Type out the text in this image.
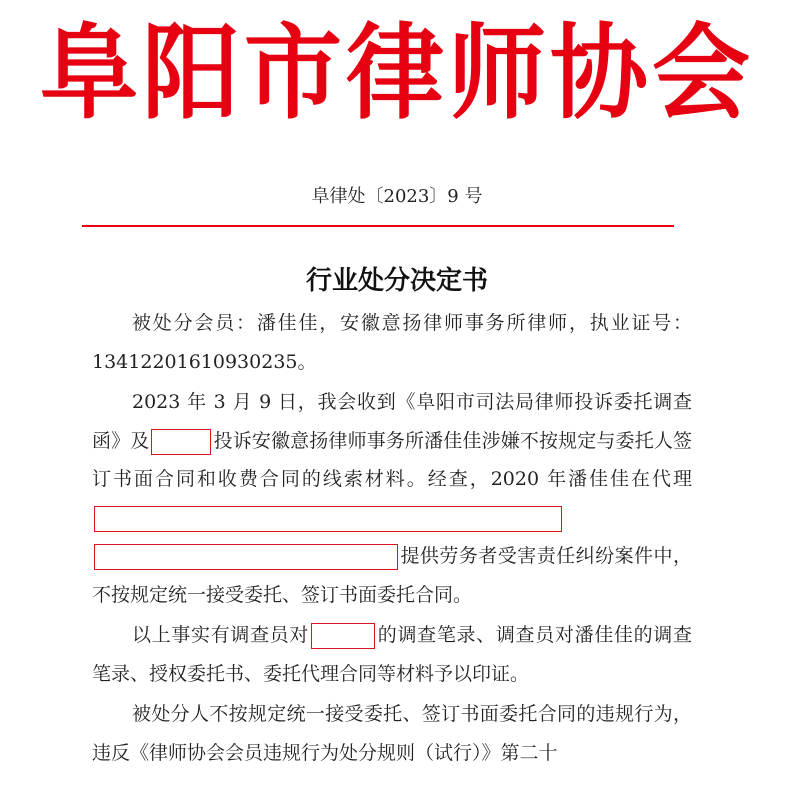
阜阳市律师协会
阜律处〔2023〕9 号
行业处分决定书

被处分会员：潘佳佳，安徽意扬律师事务所律师，执业证号：13412201610930235。

2023 年 3 月 9 日，我会收到《阜阳市司法局律师投诉委托调查函》及	投诉安徽意扬律师事务所潘佳佳涉嫌不按规定与委托人签订书面合同和收费合同的线索材料。经查，2020 年潘佳佳在代理提供劳务者受害责任纠纷案件中，不按规定统一接受委托、签订书面委托合同。

以上事实有调查员对	的调查笔录、调查员对潘佳佳的调查笔录、授权委托书、委托代理合同等材料予以印证。

被处分人不按规定统一接受委托、签订书面委托合同的违规行为，违反《律师协会会员违规行为处分规则（试行）》第二十
